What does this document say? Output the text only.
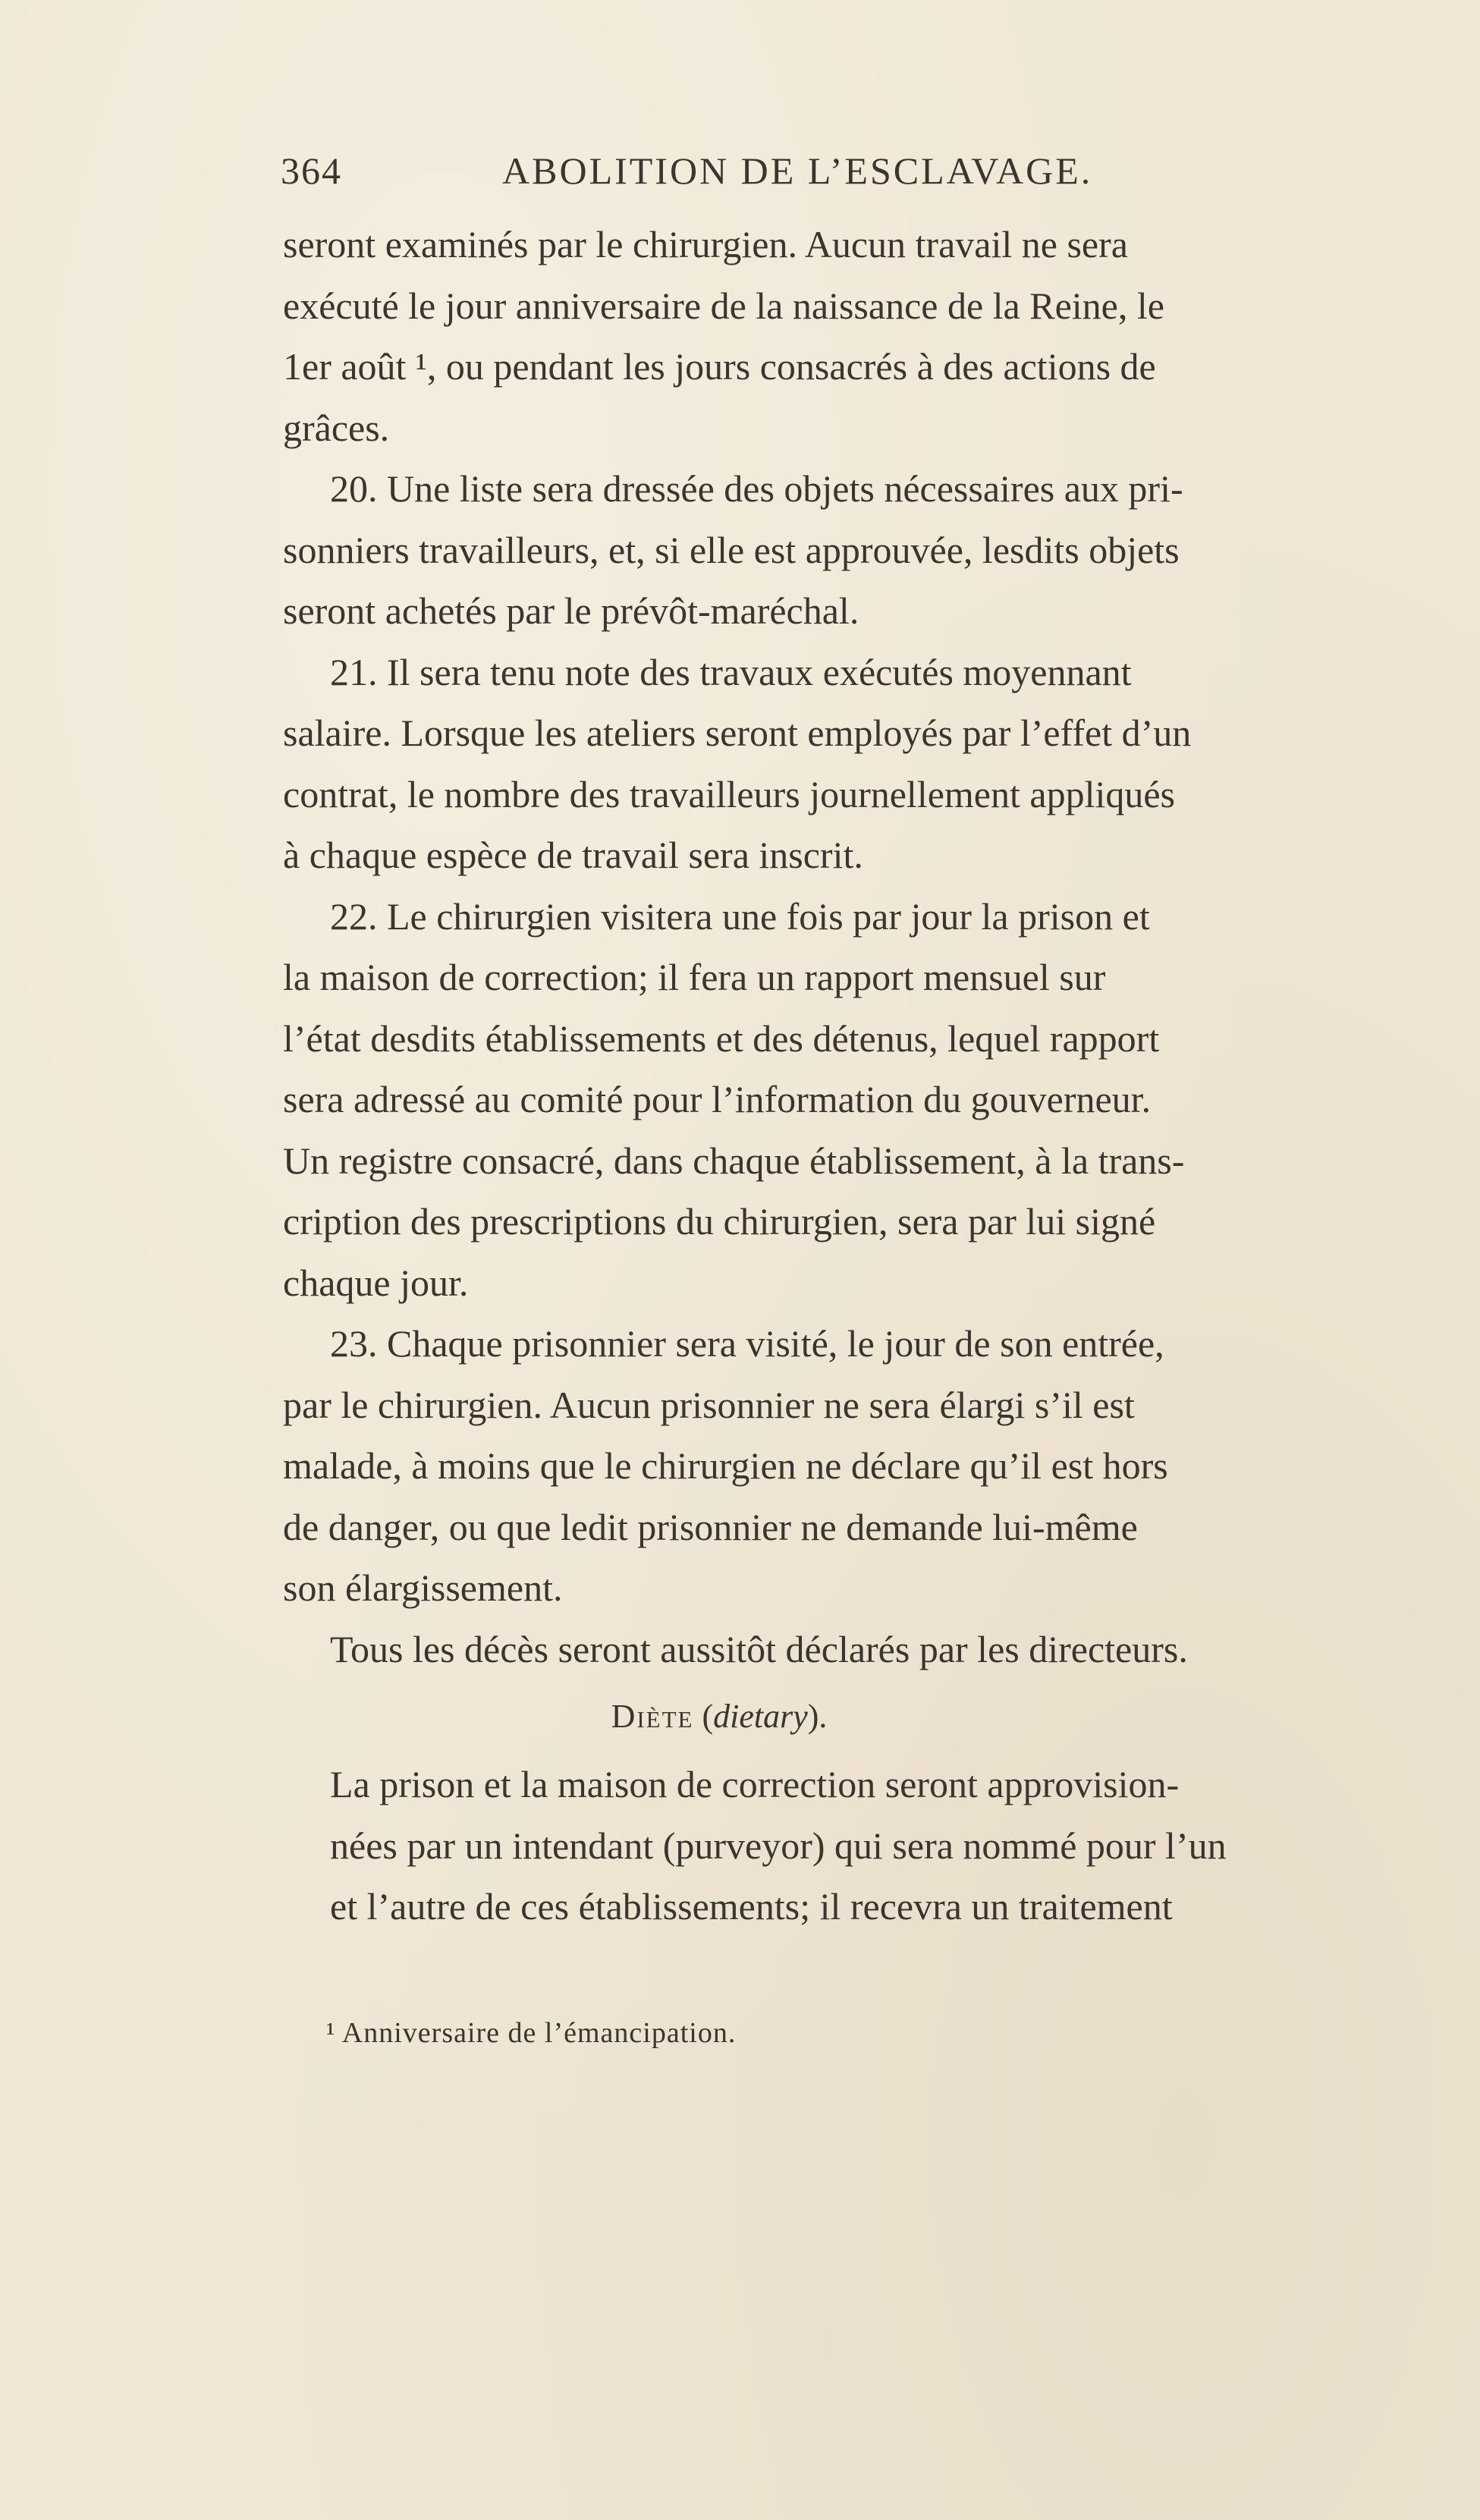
364	ABOLITION DE L’ESCLAVAGE.
seront examinés par le chirurgien. Aucun travail ne sera
exécuté le jour anniversaire de la naissance de la Reine, le
1er août ¹, ou pendant les jours consacrés à des actions de
grâces.
20. Une liste sera dressée des objets nécessaires aux pri-
sonniers travailleurs, et, si elle est approuvée, lesdits objets
seront achetés par le prévôt-maréchal.
21. Il sera tenu note des travaux exécutés moyennant
salaire. Lorsque les ateliers seront employés par l’effet d’un
contrat, le nombre des travailleurs journellement appliqués
à chaque espèce de travail sera inscrit.
22. Le chirurgien visitera une fois par jour la prison et
la maison de correction; il fera un rapport mensuel sur
l’état desdits établissements et des détenus, lequel rapport
sera adressé au comité pour l’information du gouverneur.
Un registre consacré, dans chaque établissement, à la trans-
cription des prescriptions du chirurgien, sera par lui signé
chaque jour.
23. Chaque prisonnier sera visité, le jour de son entrée,
par le chirurgien. Aucun prisonnier ne sera élargi s’il est
malade, à moins que le chirurgien ne déclare qu’il est hors
de danger, ou que ledit prisonnier ne demande lui-même
son élargissement.
Tous les décès seront aussitôt déclarés par les directeurs.
Diète (dietary).
La prison et la maison de correction seront approvision-
nées par un intendant (purveyor) qui sera nommé pour l’un
et l’autre de ces établissements; il recevra un traitement
¹ Anniversaire de l’émancipation.
